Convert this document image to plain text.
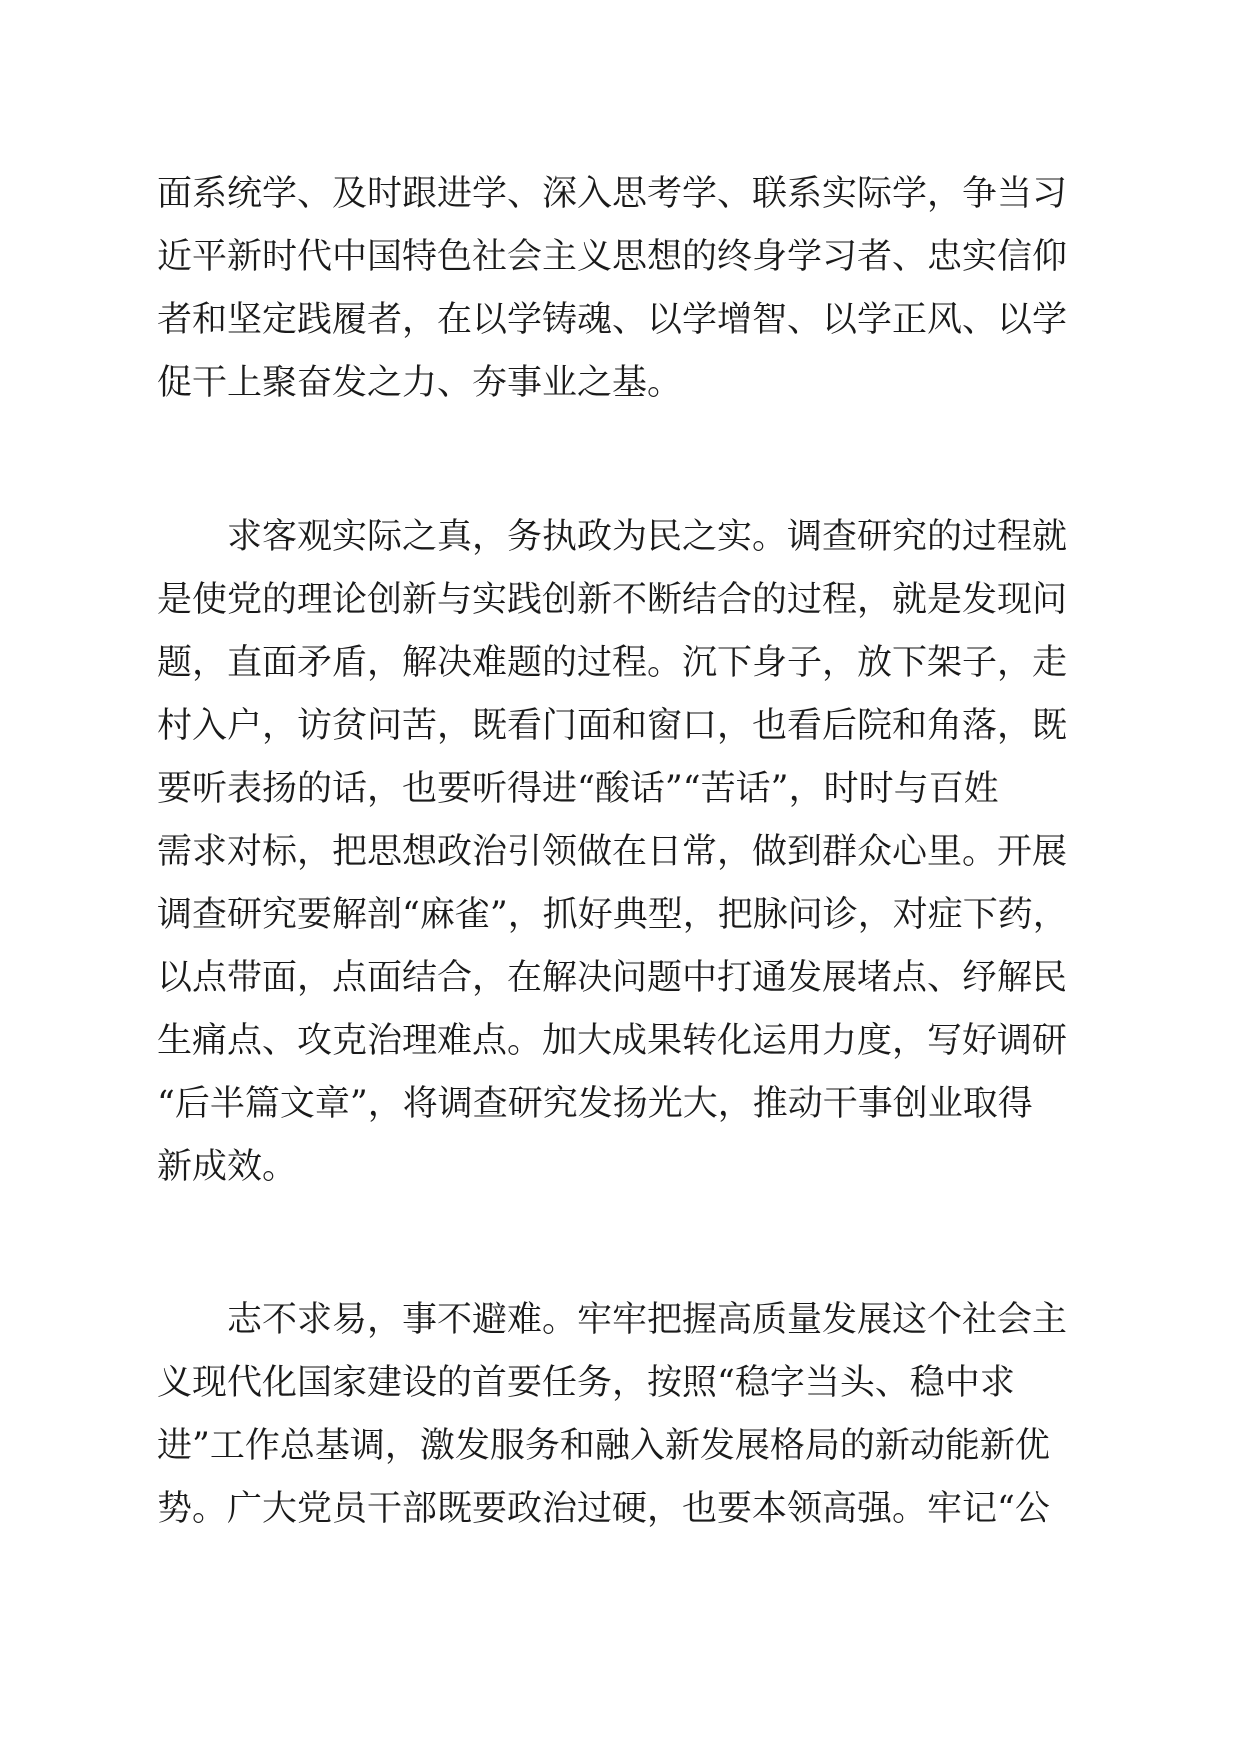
面系统学、及时跟进学、深入思考学、联系实际学，争当习

近平新时代中国特色社会主义思想的终身学习者、忠实信仰

者和坚定践履者，在以学铸魂、以学增智、以学正风、以学

促干上聚奋发之力、夯事业之基。

求客观实际之真，务执政为民之实。调查研究的过程就

是使党的理论创新与实践创新不断结合的过程，就是发现问

题，直面矛盾，解决难题的过程。沉下身子，放下架子，走

村入户，访贫问苦，既看门面和窗口，也看后院和角落，既

要听表扬的话，也要听得进“酸话”“苦话”，时时与百姓

需求对标，把思想政治引领做在日常，做到群众心里。开展

调查研究要解剖“麻雀”，抓好典型，把脉问诊，对症下药，

以点带面，点面结合，在解决问题中打通发展堵点、纾解民

生痛点、攻克治理难点。加大成果转化运用力度，写好调研

“后半篇文章”，将调查研究发扬光大，推动干事创业取得

新成效。

志不求易，事不避难。牢牢把握高质量发展这个社会主

义现代化国家建设的首要任务，按照“稳字当头、稳中求

进”工作总基调，激发服务和融入新发展格局的新动能新优

势。广大党员干部既要政治过硬，也要本领高强。牢记“公
